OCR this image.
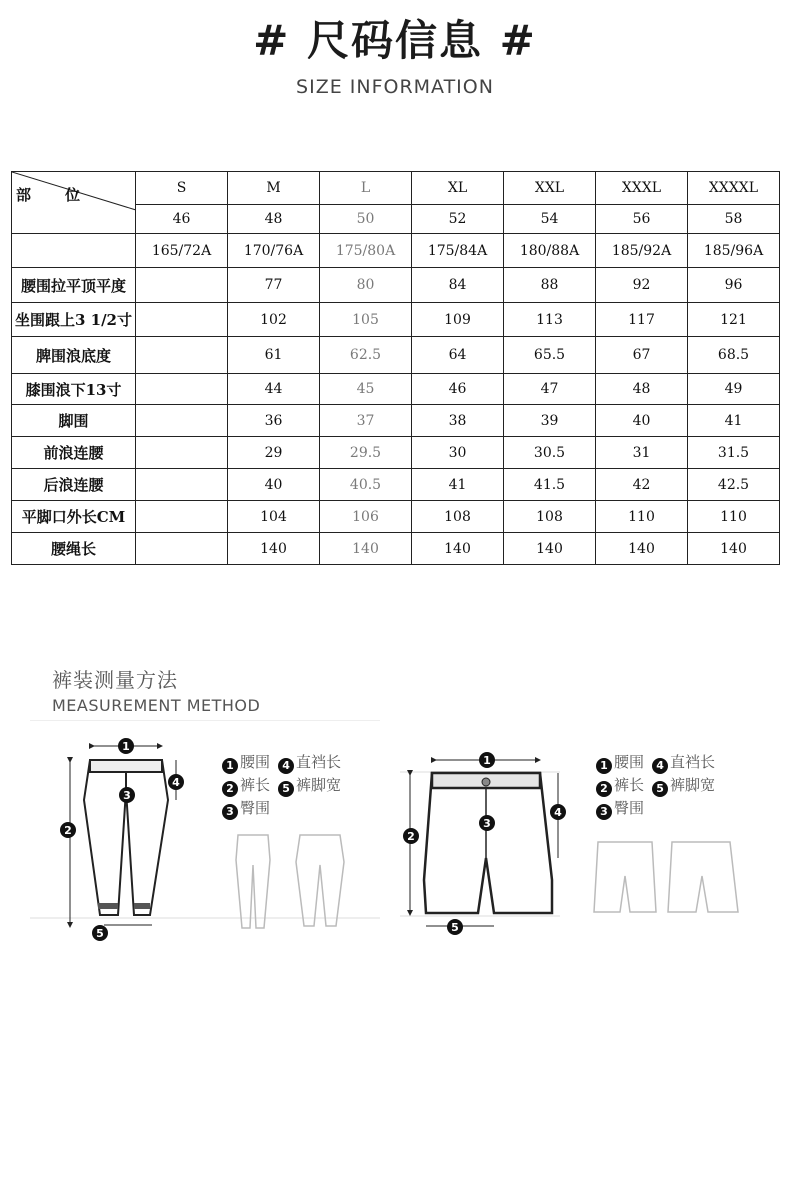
# 尺码信息 #
SIZE INFORMATION
部 位	S	M	L	XL	XXL	XXXL	XXXXL
	46	48	50	52	54	56	58
	165/72A	170/76A	175/80A	175/84A	180/88A	185/92A	185/96A
腰围拉平顶平度		77	80	84	88	92	96
坐围跟上3 1/2寸		102	105	109	113	117	121
脾围浪底度		61	62.5	64	65.5	67	68.5
膝围浪下13寸		44	45	46	47	48	49
脚围		36	37	38	39	40	41
前浪连腰		29	29.5	30	30.5	31	31.5
后浪连腰		40	40.5	41	41.5	42	42.5
平脚口外长CM		104	106	108	108	110	110
腰绳长		140	140	140	140	140	140
裤装测量方法
MEASUREMENT METHOD
1
2
3
4
5
1
2
3
4
5
1 腰围 4 直裆长
2 裤长 5 裤脚宽
3 臀围
1 腰围 4 直裆长
2 裤长 5 裤脚宽
3 臀围
